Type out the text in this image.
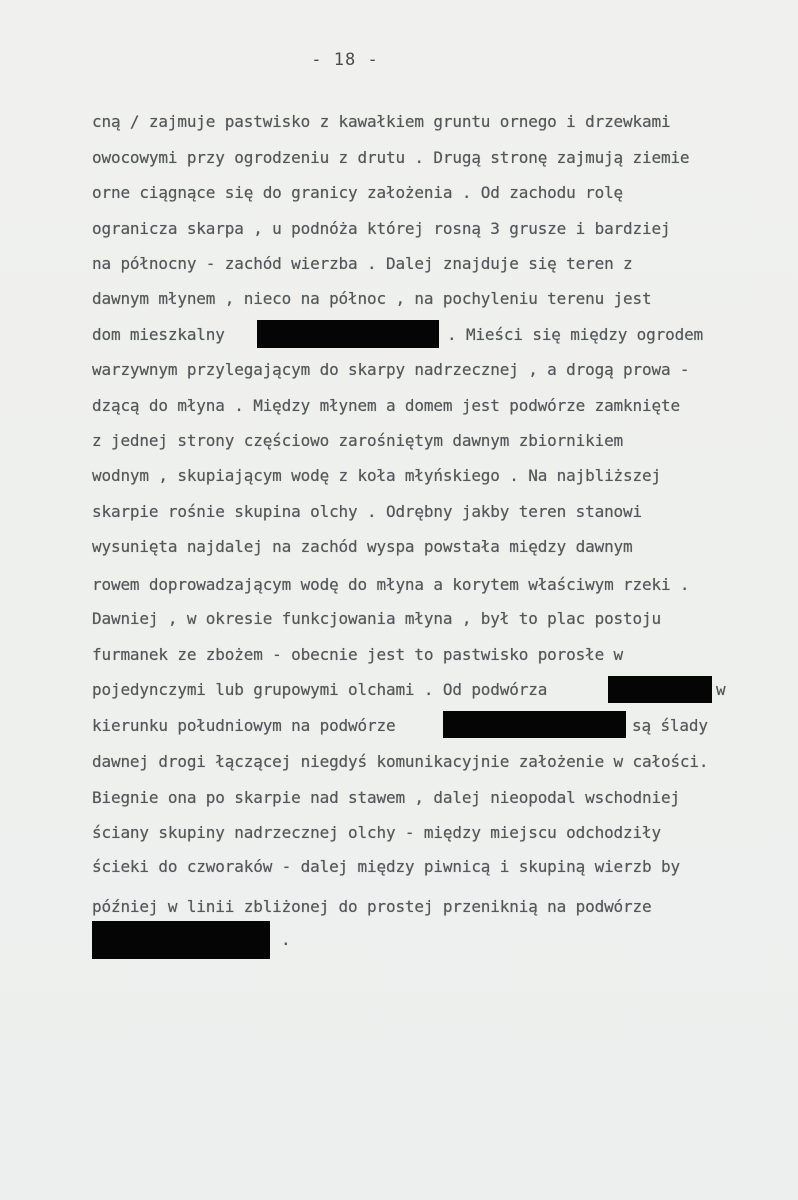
- 18 -
cną / zajmuje pastwisko z kawałkiem gruntu ornego i drzewkami
owocowymi przy ogrodzeniu z drutu . Drugą stronę zajmują ziemie
orne ciągnące się do granicy założenia . Od zachodu rolę
ogranicza skarpa , u podnóża której rosną 3 grusze i bardziej
na północny - zachód wierzba . Dalej znajduje się teren z
dawnym młynem , nieco na północ , na pochyleniu terenu jest
dom mieszkalny	. Mieści się między ogrodem
warzywnym przylegającym do skarpy nadrzecznej , a drogą prowa -
dzącą do młyna . Między młynem a domem jest podwórze zamknięte
z jednej strony częściowo zarośniętym dawnym zbiornikiem
wodnym , skupiającym wodę z koła młyńskiego . Na najbliższej
skarpie rośnie skupina olchy . Odrębny jakby teren stanowi
wysunięta najdalej na zachód wyspa powstała między dawnym
rowem doprowadzającym wodę do młyna a korytem właściwym rzeki .
Dawniej , w okresie funkcjowania młyna , był to plac postoju
furmanek ze zbożem - obecnie jest to pastwisko porosłe w
pojedynczymi lub grupowymi olchami . Od podwórza	w
kierunku południowym na podwórze	są ślady
dawnej drogi łączącej niegdyś komunikacyjnie założenie w całości.
Biegnie ona po skarpie nad stawem , dalej nieopodal wschodniej
ściany skupiny nadrzecznej olchy - między miejscu odchodziły
ścieki do czworaków - dalej między piwnicą i skupiną wierzb by
później w linii zbliżonej do prostej przeniknią na podwórze
.
